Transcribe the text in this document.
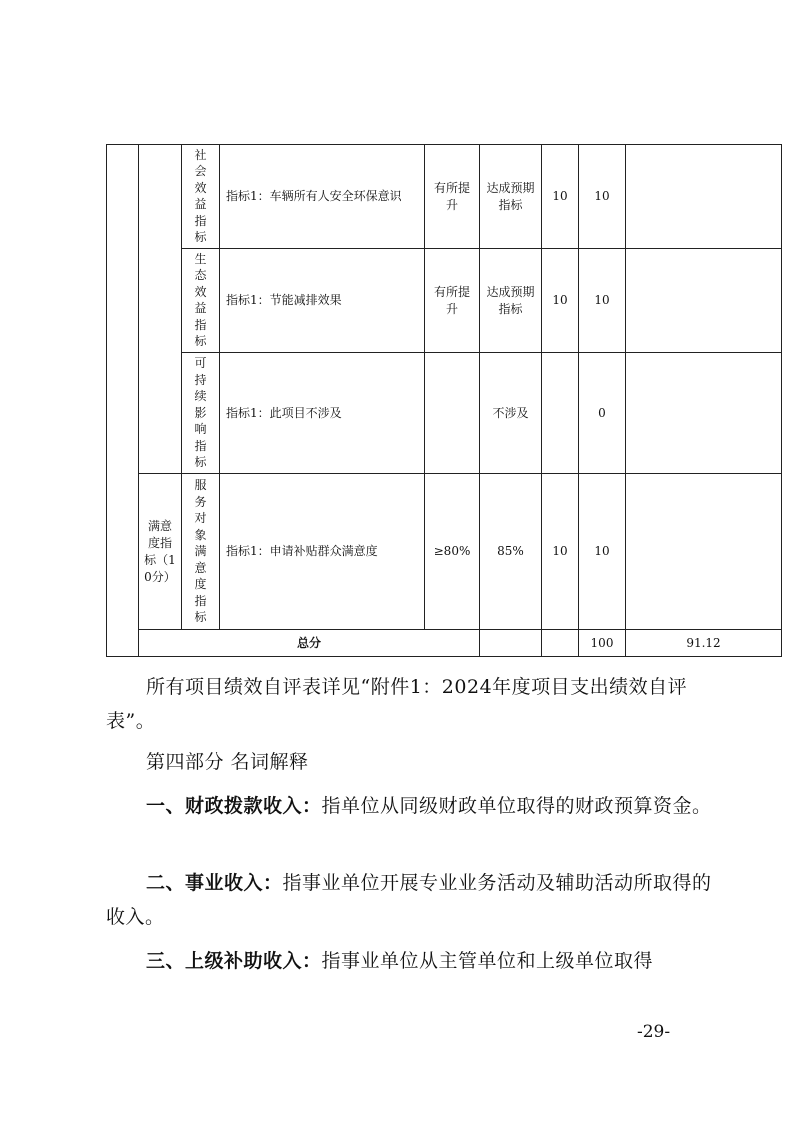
		社会效益指标	指标1：车辆所有人安全环保意识	有所提升	达成预期指标	10	10		
		生态效益指标	指标1：节能减排效果	有所提升	达成预期指标	10	10		
		可持续影响指标	指标1：此项目不涉及		不涉及		0		
	满意度指标（10分）	服务对象满意度指标	指标1：申请补贴群众满意度	≥80%	85%	10	10		
	总分						100	91.12	

所有项目绩效自评表详见“附件1：2024年度项目支出绩效自评表”。

第四部分 名词解释

一、财政拨款收入：指单位从同级财政单位取得的财政预算资金。

二、事业收入：指事业单位开展专业业务活动及辅助活动所取得的收入。

三、上级补助收入：指事业单位从主管单位和上级单位取得

-29-
